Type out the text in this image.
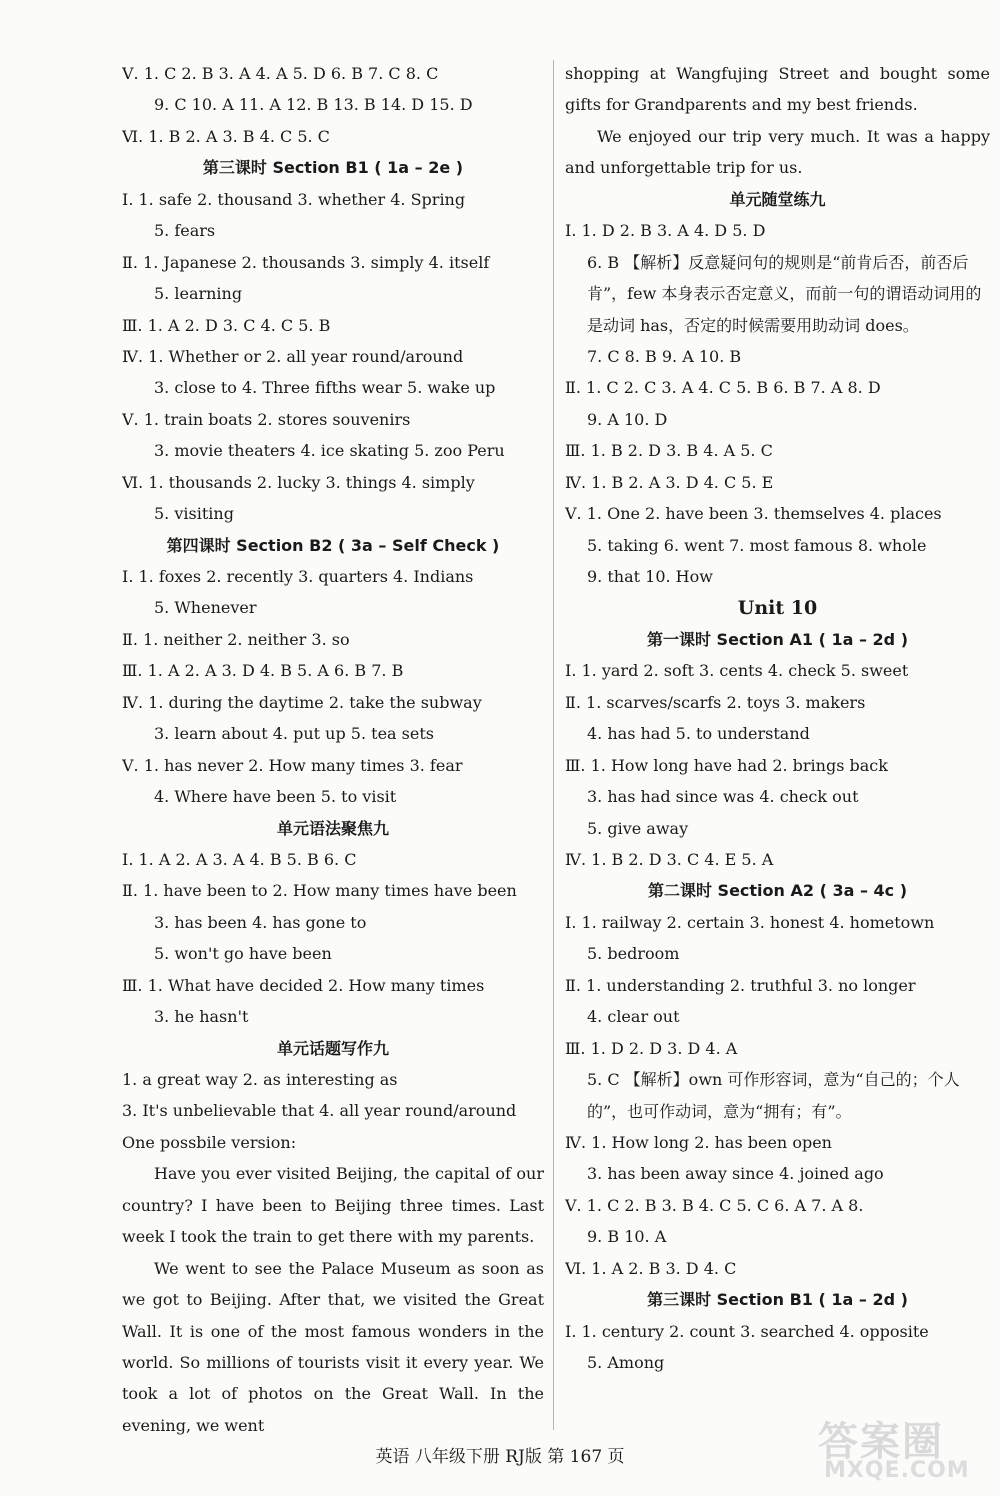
Ⅴ. 1. C 2. B 3. A 4. A 5. D 6. B 7. C 8. C
9. C 10. A 11. A 12. B 13. B 14. D 15. D
Ⅵ. 1. B 2. A 3. B 4. C 5. C
第三课时 Section B1 ( 1a – 2e )
Ⅰ. 1. safe 2. thousand 3. whether 4. Spring
5. fears
Ⅱ. 1. Japanese 2. thousands 3. simply 4. itself
5. learning
Ⅲ. 1. A 2. D 3. C 4. C 5. B
Ⅳ. 1. Whether or 2. all year round/around
3. close to 4. Three fifths wear 5. wake up
Ⅴ. 1. train boats 2. stores souvenirs
3. movie theaters 4. ice skating 5. zoo Peru
Ⅵ. 1. thousands 2. lucky 3. things 4. simply
5. visiting
第四课时 Section B2 ( 3a – Self Check )
Ⅰ. 1. foxes 2. recently 3. quarters 4. Indians
5. Whenever
Ⅱ. 1. neither 2. neither 3. so
Ⅲ. 1. A 2. A 3. D 4. B 5. A 6. B 7. B
Ⅳ. 1. during the daytime 2. take the subway
3. learn about 4. put up 5. tea sets
Ⅴ. 1. has never 2. How many times 3. fear
4. Where have been 5. to visit
单元语法聚焦九
Ⅰ. 1. A 2. A 3. A 4. B 5. B 6. C
Ⅱ. 1. have been to 2. How many times have been
3. has been 4. has gone to
5. won't go have been
Ⅲ. 1. What have decided 2. How many times
3. he hasn't
单元话题写作九
1. a great way 2. as interesting as
3. It's unbelievable that 4. all year round/around
One possbile version:
Have you ever visited Beijing, the capital of our country? I have been to Beijing three times. Last week I took the train to get there with my parents.
We went to see the Palace Museum as soon as we got to Beijing. After that, we visited the Great Wall. It is one of the most famous wonders in the world. So millions of tourists visit it every year. We took a lot of photos on the Great Wall. In the evening, we went
shopping at Wangfujing Street and bought some gifts for Grandparents and my best friends.
We enjoyed our trip very much. It was a happy and unforgettable trip for us.
单元随堂练九
Ⅰ. 1. D 2. B 3. A 4. D 5. D
6. B 【解析】反意疑问句的规则是“前肯后否，前否后肯”，few 本身表示否定意义，而前一句的谓语动词用的是动词 has，否定的时候需要用助动词 does。
7. C 8. B 9. A 10. B
Ⅱ. 1. C 2. C 3. A 4. C 5. B 6. B 7. A 8. D
9. A 10. D
Ⅲ. 1. B 2. D 3. B 4. A 5. C
Ⅳ. 1. B 2. A 3. D 4. C 5. E
Ⅴ. 1. One 2. have been 3. themselves 4. places
5. taking 6. went 7. most famous 8. whole
9. that 10. How
Unit 10
第一课时 Section A1 ( 1a – 2d )
Ⅰ. 1. yard 2. soft 3. cents 4. check 5. sweet
Ⅱ. 1. scarves/scarfs 2. toys 3. makers
4. has had 5. to understand
Ⅲ. 1. How long have had 2. brings back
3. has had since was 4. check out
5. give away
Ⅳ. 1. B 2. D 3. C 4. E 5. A
第二课时 Section A2 ( 3a – 4c )
Ⅰ. 1. railway 2. certain 3. honest 4. hometown
5. bedroom
Ⅱ. 1. understanding 2. truthful 3. no longer
4. clear out
Ⅲ. 1. D 2. D 3. D 4. A
5. C 【解析】own 可作形容词，意为“自己的；个人的”，也可作动词，意为“拥有；有”。
Ⅳ. 1. How long 2. has been open
3. has been away since 4. joined ago
Ⅴ. 1. C 2. B 3. B 4. C 5. C 6. A 7. A 8.
9. B 10. A
Ⅵ. 1. A 2. B 3. D 4. C
第三课时 Section B1 ( 1a – 2d )
Ⅰ. 1. century 2. count 3. searched 4. opposite
5. Among
英语 八年级下册 RJ版 第 167 页	答案圈
MXQE.COM
